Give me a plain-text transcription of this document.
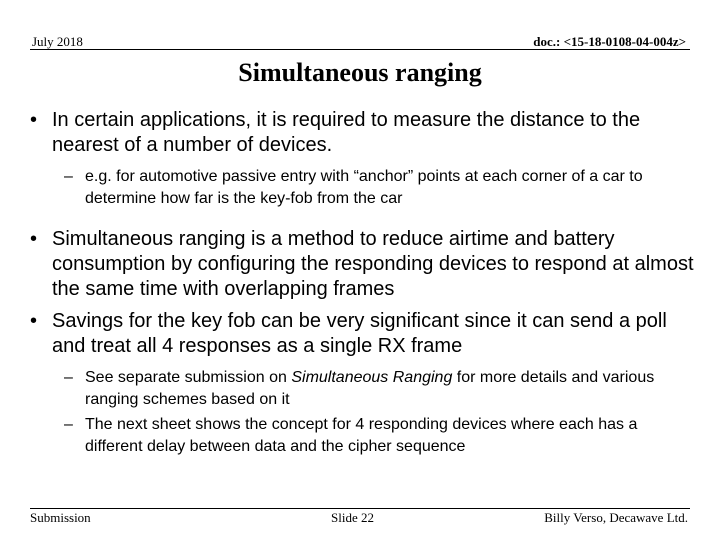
July 2018	doc.: <15-18-0108-04-004z>
Simultaneous ranging
• In certain applications, it is required to measure the distance to the nearest of a number of devices.
– e.g. for automotive passive entry with “anchor” points at each corner of a car to determine how far is the key-fob from the car
• Simultaneous ranging is a method to reduce airtime and battery consumption by configuring the responding devices to respond at almost the same time with overlapping frames
• Savings for the key fob can be very significant since it can send a poll and treat all 4 responses as a single RX frame
– See separate submission on Simultaneous Ranging for more details and various ranging schemes based on it
– The next sheet shows the concept for 4 responding devices where each has a different delay between data and the cipher sequence
Submission	Slide 22	Billy Verso, Decawave Ltd.
